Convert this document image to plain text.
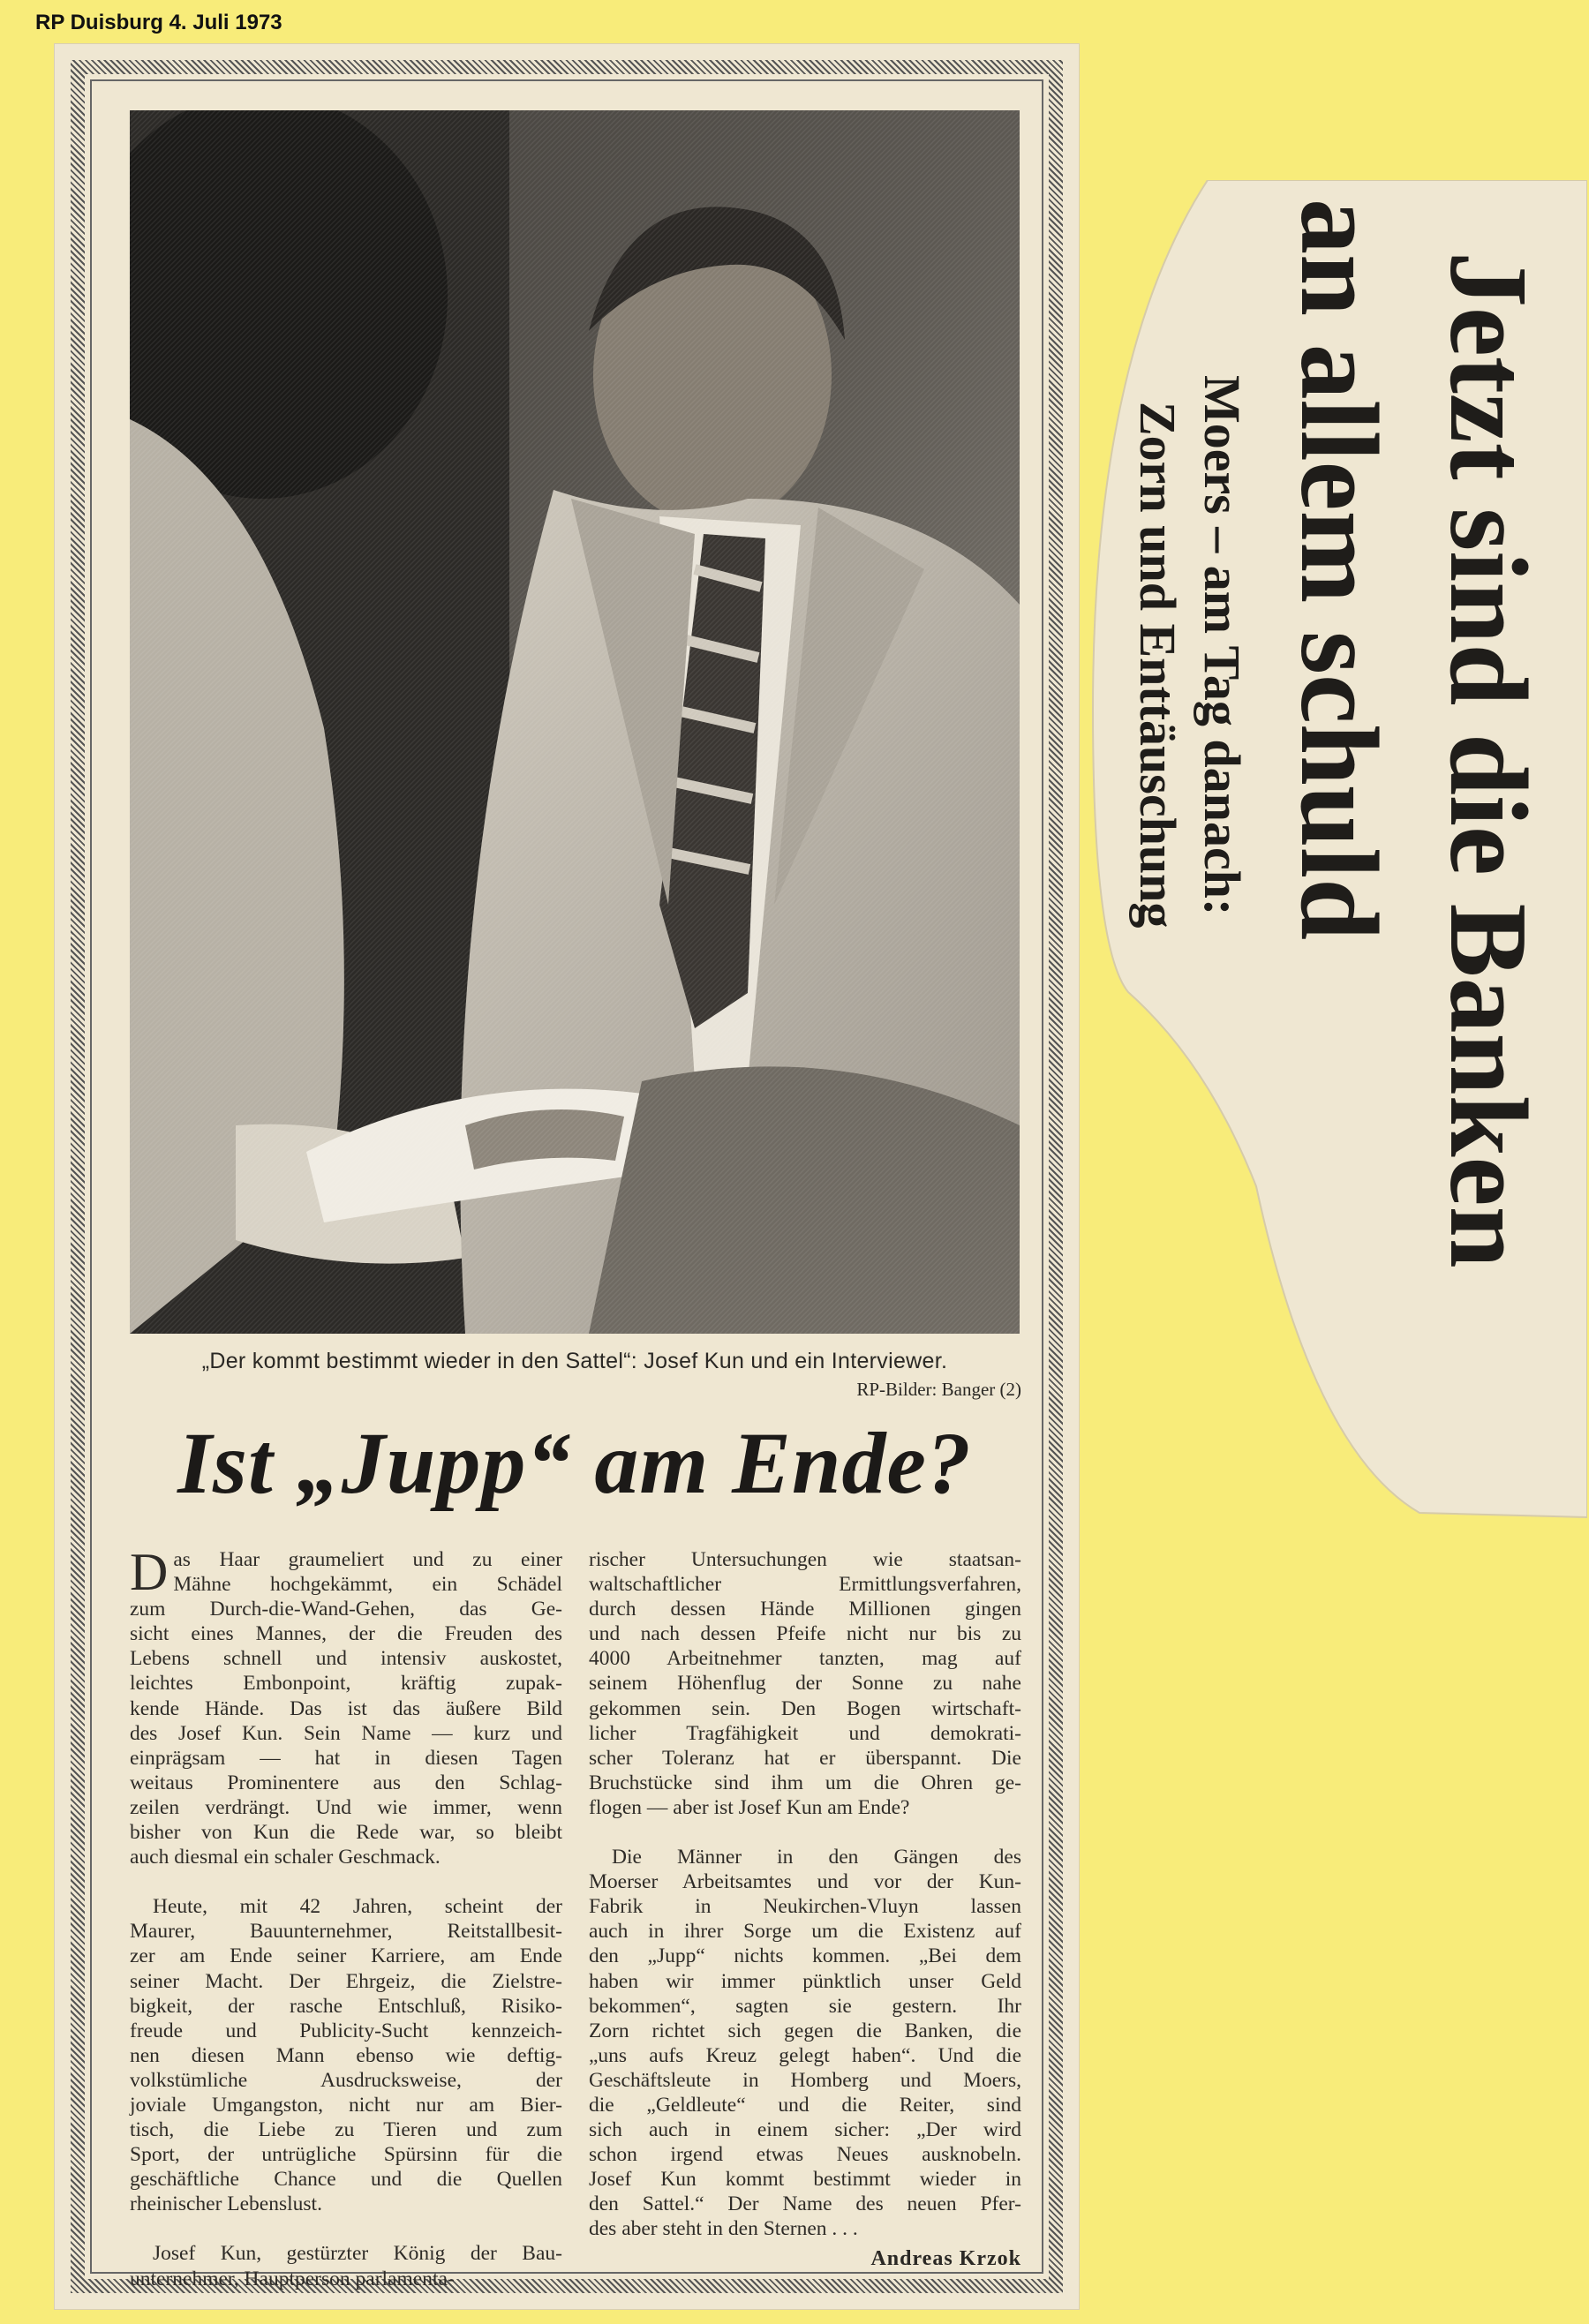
RP Duisburg 4. Juli 1973
„Der kommt bestimmt wieder in den Sattel“: Josef Kun und ein Interviewer.
RP-Bilder: Banger (2)
Ist „Jupp“ am Ende?

D as Haar graumeliert und zu einer
Mähne hochgekämmt, ein Schädel
zum Durch-die-Wand-Gehen, das Ge-
sicht eines Mannes, der die Freuden des
Lebens schnell und intensiv auskostet,
leichtes Embonpoint, kräftig zupak-
kende Hände. Das ist das äußere Bild
des Josef Kun. Sein Name — kurz und
einprägsam — hat in diesen Tagen
weitaus Prominentere aus den Schlag-
zeilen verdrängt. Und wie immer, wenn
bisher von Kun die Rede war, so bleibt
auch diesmal ein schaler Geschmack.

Heute, mit 42 Jahren, scheint der
Maurer, Bauunternehmer, Reitstallbesit-
zer am Ende seiner Karriere, am Ende
seiner Macht. Der Ehrgeiz, die Zielstre-
bigkeit, der rasche Entschluß, Risiko-
freude und Publicity-Sucht kennzeich-
nen diesen Mann ebenso wie deftig-
volkstümliche Ausdrucksweise, der
joviale Umgangston, nicht nur am Bier-
tisch, die Liebe zu Tieren und zum
Sport, der untrügliche Spürsinn für die
geschäftliche Chance und die Quellen
rheinischer Lebenslust.

Josef Kun, gestürzter König der Bau-
unternehmer, Hauptperson parlamenta-

rischer Untersuchungen wie staatsan-
waltschaftlicher Ermittlungsverfahren,
durch dessen Hände Millionen gingen
und nach dessen Pfeife nicht nur bis zu
4000 Arbeitnehmer tanzten, mag auf
seinem Höhenflug der Sonne zu nahe
gekommen sein. Den Bogen wirtschaft-
licher Tragfähigkeit und demokrati-
scher Toleranz hat er überspannt. Die
Bruchstücke sind ihm um die Ohren ge-
flogen — aber ist Josef Kun am Ende?

Die Männer in den Gängen des
Moerser Arbeitsamtes und vor der Kun-
Fabrik in Neukirchen-Vluyn lassen
auch in ihrer Sorge um die Existenz auf
den „Jupp“ nichts kommen. „Bei dem
haben wir immer pünktlich unser Geld
bekommen“, sagten sie gestern. Ihr
Zorn richtet sich gegen die Banken, die
„uns aufs Kreuz gelegt haben“. Und die
Geschäftsleute in Homberg und Moers,
die „Geldleute“ und die Reiter, sind
sich auch in einem sicher: „Der wird
schon irgend etwas Neues ausknobeln.
Josef Kun kommt bestimmt wieder in
den Sattel.“ Der Name des neuen Pfer-
des aber steht in den Sternen . . .

Andreas Krzok
Jetzt sind die Banken
an allem schuld
Moers – am Tag danach:
Zorn und Enttäuschung
